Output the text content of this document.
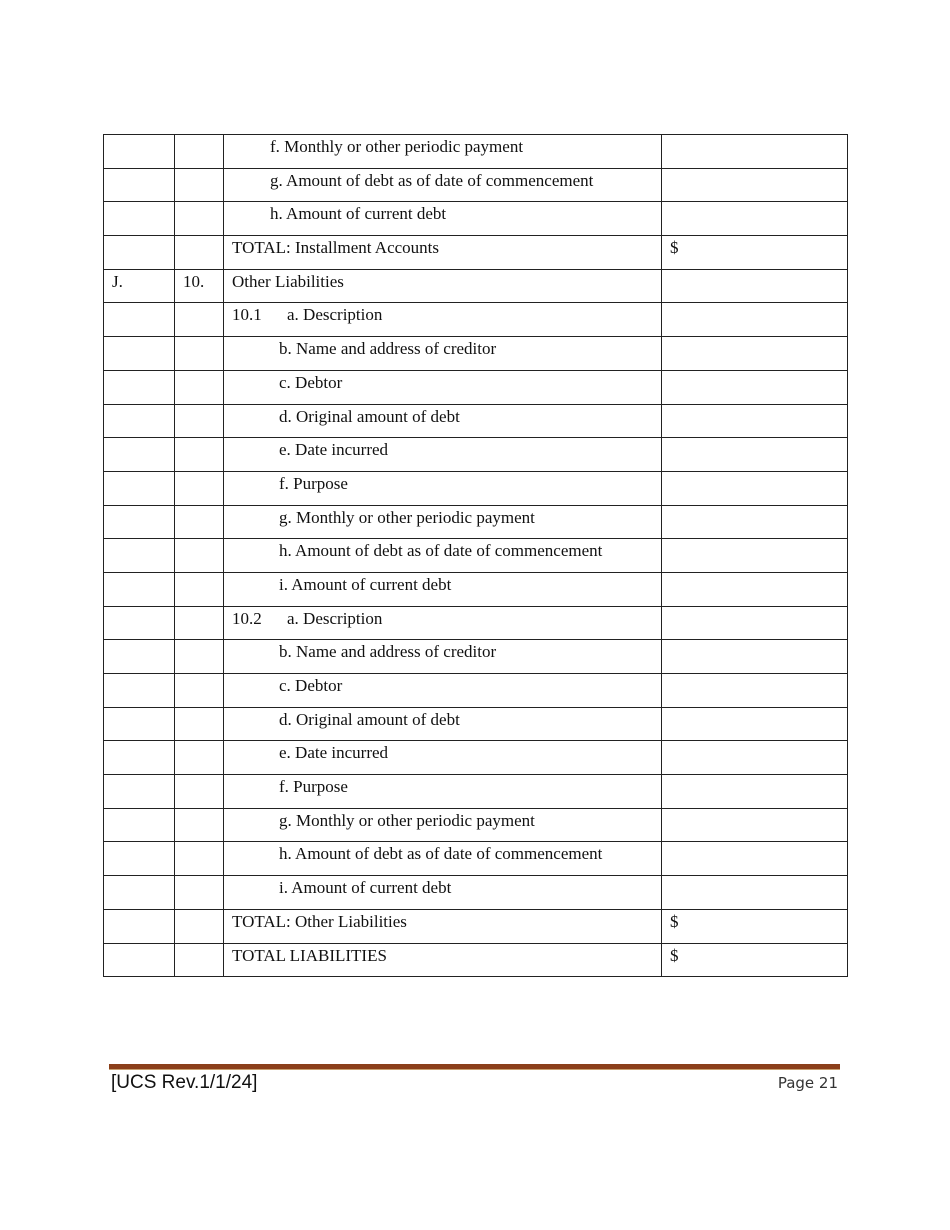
		f. Monthly or other periodic payment	
		g. Amount of debt as of date of commencement	
		h. Amount of current debt	
		TOTAL: Installment Accounts	$
J.	10.	Other Liabilities	
		10.1 a. Description	
		b. Name and address of creditor	
		c. Debtor	
		d. Original amount of debt	
		e. Date incurred	
		f. Purpose	
		g. Monthly or other periodic payment	
		h. Amount of debt as of date of commencement	
		i. Amount of current debt	
		10.2 a. Description	
		b. Name and address of creditor	
		c. Debtor	
		d. Original amount of debt	
		e. Date incurred	
		f. Purpose	
		g. Monthly or other periodic payment	
		h. Amount of debt as of date of commencement	
		i. Amount of current debt	
		TOTAL: Other Liabilities	$
		TOTAL LIABILITIES	$
[UCS Rev.1/1/24]	Page 21
